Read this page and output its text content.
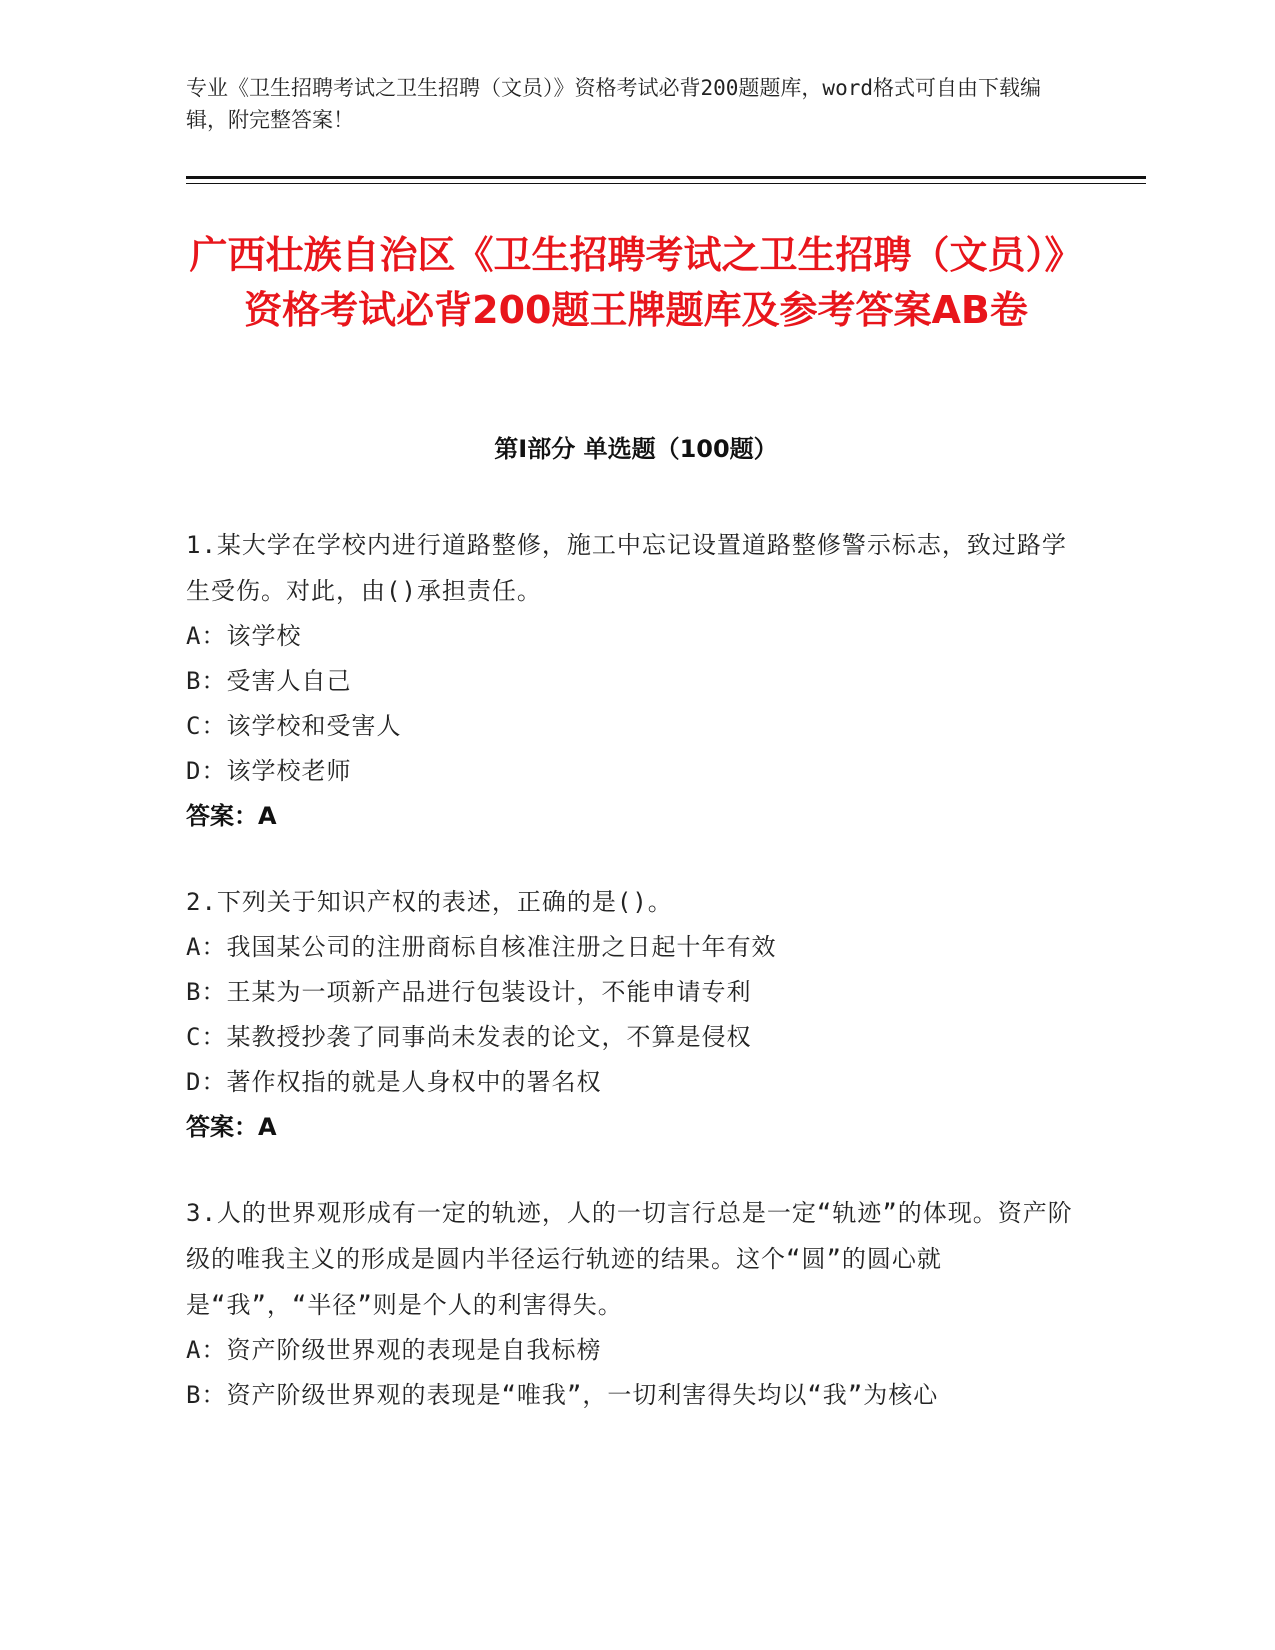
专业《卫生招聘考试之卫生招聘（文员）》资格考试必背200题题库，word格式可自由下载编辑，附完整答案！
广西壮族自治区《卫生招聘考试之卫生招聘（文员）》资格考试必背200题王牌题库及参考答案AB卷
第Ⅰ部分 单选题（100题）
1.某大学在学校内进行道路整修，施工中忘记设置道路整修警示标志，致过路学生受伤。对此，由()承担责任。
A：该学校
B：受害人自己
C：该学校和受害人
D：该学校老师
答案：A
2.下列关于知识产权的表述，正确的是()。
A：我国某公司的注册商标自核准注册之日起十年有效
B：王某为一项新产品进行包装设计，不能申请专利
C：某教授抄袭了同事尚未发表的论文，不算是侵权
D：著作权指的就是人身权中的署名权
答案：A
3.人的世界观形成有一定的轨迹，人的一切言行总是一定“轨迹”的体现。资产阶级的唯我主义的形成是圆内半径运行轨迹的结果。这个“圆”的圆心就是“我”，“半径”则是个人的利害得失。
A：资产阶级世界观的表现是自我标榜
B：资产阶级世界观的表现是“唯我”，一切利害得失均以“我”为核心
